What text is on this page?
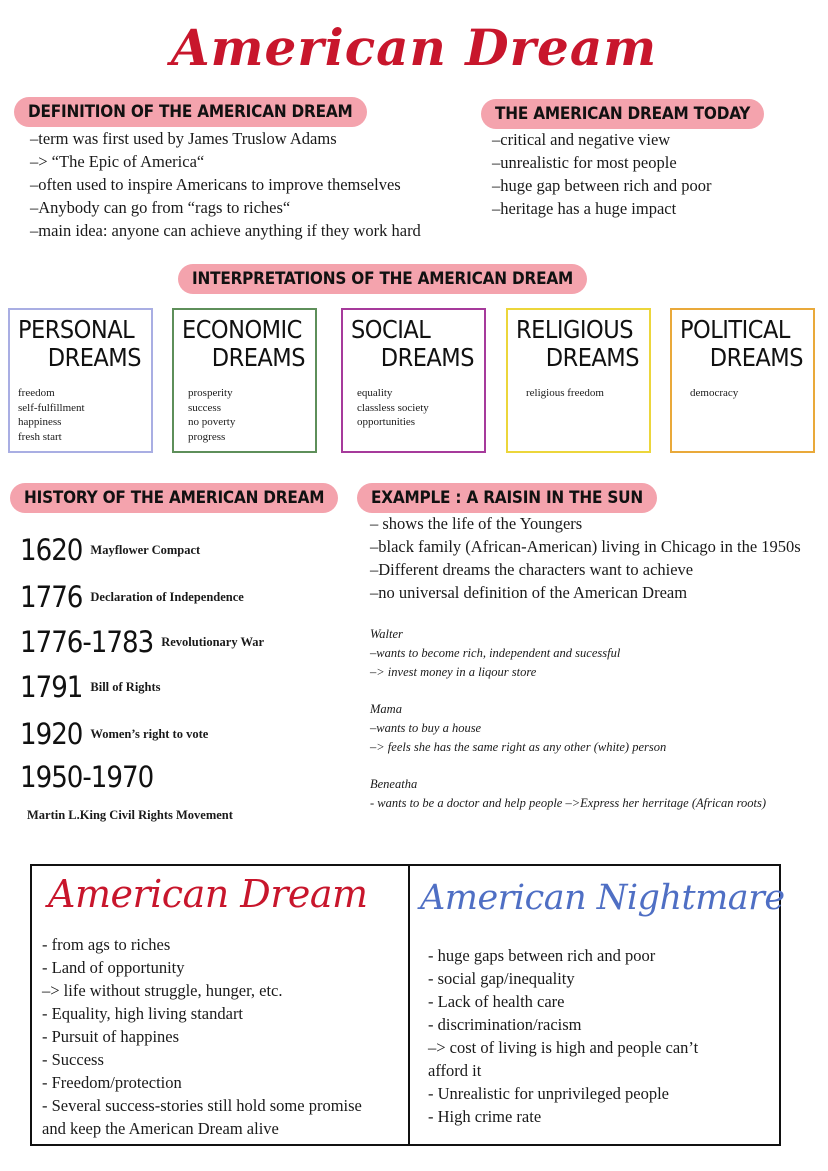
American Dream
DEFINITION OF THE AMERICAN DREAM
–term was first used by James Truslow Adams
–> “The Epic of America“
–often used to inspire Americans to improve themselves
–Anybody can go from “rags to riches“
–main idea: anyone can achieve anything if they work hard
THE AMERICAN DREAM TODAY
–critical and negative view
–unrealistic for most people
–huge gap between rich and poor
–heritage has a huge impact
INTERPRETATIONS OF THE AMERICAN DREAM
PERSONAL
DREAMS
freedom
self-fulfillment
happiness
fresh start
ECONOMIC
DREAMS
prosperity
success
no poverty
progress
SOCIAL
DREAMS
equality
classless society
opportunities
RELIGIOUS
DREAMS
religious freedom
POLITICAL
DREAMS
democracy
HISTORY OF THE AMERICAN DREAM
1620 Mayflower Compact
1776 Declaration of Independence
1776-1783 Revolutionary War
1791 Bill of Rights
1920 Women’s right to vote
1950-1970
Martin L.King Civil Rights Movement
EXAMPLE : A RAISIN IN THE SUN
– shows the life of the Youngers
–black family (African-American) living in Chicago in the 1950s
–Different dreams the characters want to achieve
–no universal definition of the American Dream
Walter
–wants to become rich, independent and sucessful
–> invest money in a liqour store
Mama
–wants to buy a house
–> feels she has the same right as any other (white) person
Beneatha
- wants to be a doctor and help people –>Express her herritage (African roots)
American Dream
- from ags to riches
- Land of opportunity
–> life without struggle, hunger, etc.
- Equality, high living standart
- Pursuit of happines
- Success
- Freedom/protection
- Several success-stories still hold some promise
and keep the American Dream alive
American Nightmare
- huge gaps between rich and poor
- social gap/inequality
- Lack of health care
- discrimination/racism
–> cost of living is high and people can’t
afford it
- Unrealistic for unprivileged people
- High crime rate
